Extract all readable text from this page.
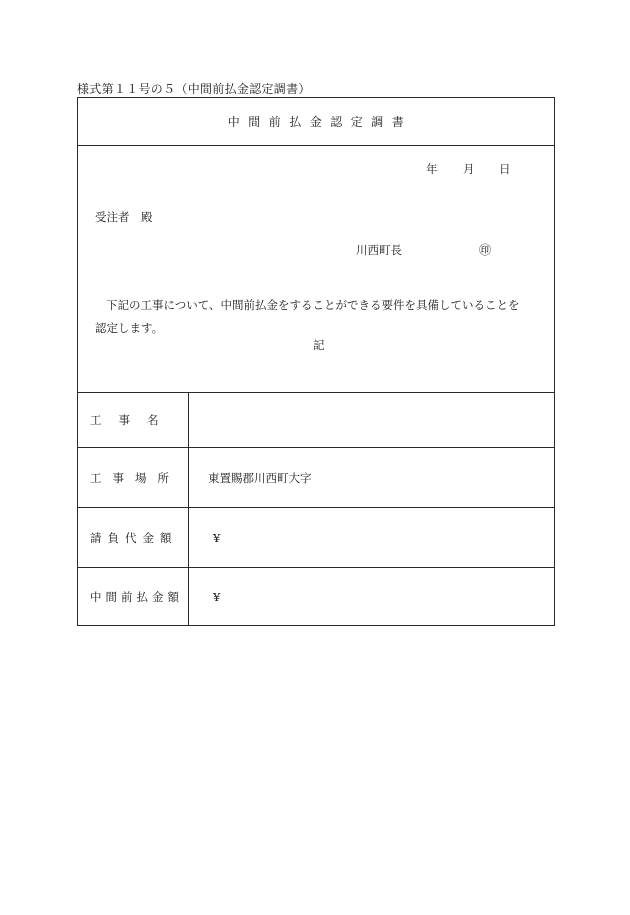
様式第１１号の５（中間前払金認定調書）
中間前払金認定調書
年 月 日
受注者　殿
川西町長	㊞
下記の工事について、中間前払金をすることができる要件を具備していることを
認定します。
記
工事名
工事場所	東置賜郡川西町大字
請負代金額	¥
中間前払金額	¥
